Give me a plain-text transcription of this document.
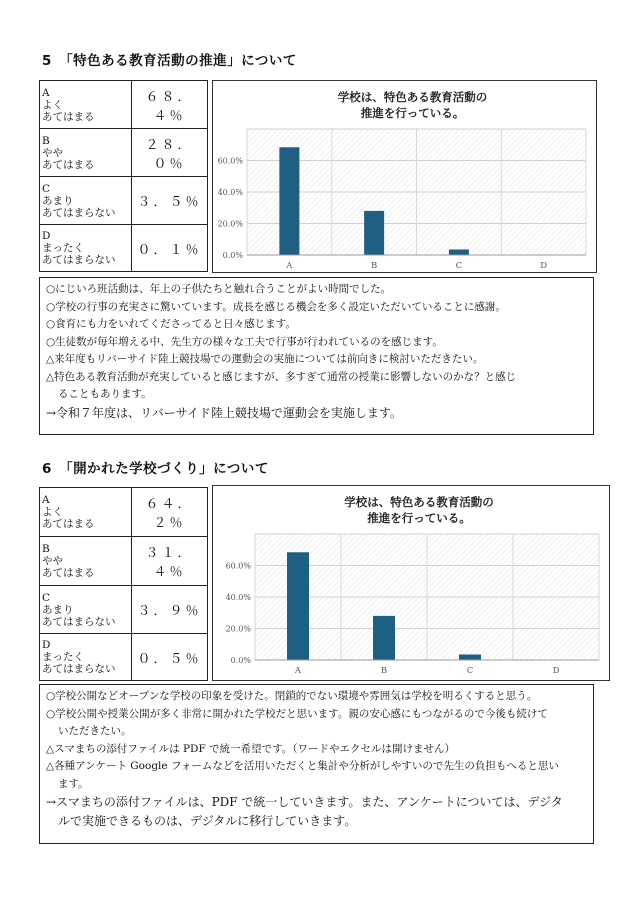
5　「特色ある教育活動の推進」について
A
よく
あてはまる	６８．４％

B
やや
あてはまる	２８．０％

C
あまり
あてはまらない	３．５％

D
まったく
あてはまらない	０．１％
学校は、特色ある教育活動の
推進を行っている。
0.0%
20.0%
40.0%
60.0%
A	B	C	D
○にじいろ班活動は、年上の子供たちと触れ合うことがよい時間でした。
○学校の行事の充実さに驚いています。成長を感じる機会を多く設定いただいていることに感謝。
○食育にも力をいれてくださってると日々感じます。
○生徒数が毎年増える中、先生方の様々な工夫で行事が行われているのを感じます。
△来年度もリバーサイド陸上競技場での運動会の実施については前向きに検討いただきたい。
△特色ある教育活動が充実していると感じますが、多すぎて通常の授業に影響しないのかな？と感じ
ることもあります。
→令和７年度は、リバーサイド陸上競技場で運動会を実施します。
6　「開かれた学校づくり」について
A
よく
あてはまる	６４．２％

B
やや
あてはまる	３１．４％

C
あまり
あてはまらない	３．９％

D
まったく
あてはまらない	０．５％
学校は、特色ある教育活動の
推進を行っている。
0.0%
20.0%
40.0%
60.0%
A	B	C	D
○学校公開などオープンな学校の印象を受けた。閉鎖的でない環境や雰囲気は学校を明るくすると思う。
○学校公開や授業公開が多く非常に開かれた学校だと思います。親の安心感にもつながるので今後も続けて
いただきたい。
△スマまちの添付ファイルは PDF で統一希望です。（ワードやエクセルは開けません）
△各種アンケート Google フォームなどを活用いただくと集計や分析がしやすいので先生の負担もへると思い
ます。
→スマまちの添付ファイルは、PDF で統一していきます。また、アンケートについては、デジタ
ルで実施できるものは、デジタルに移行していきます。
